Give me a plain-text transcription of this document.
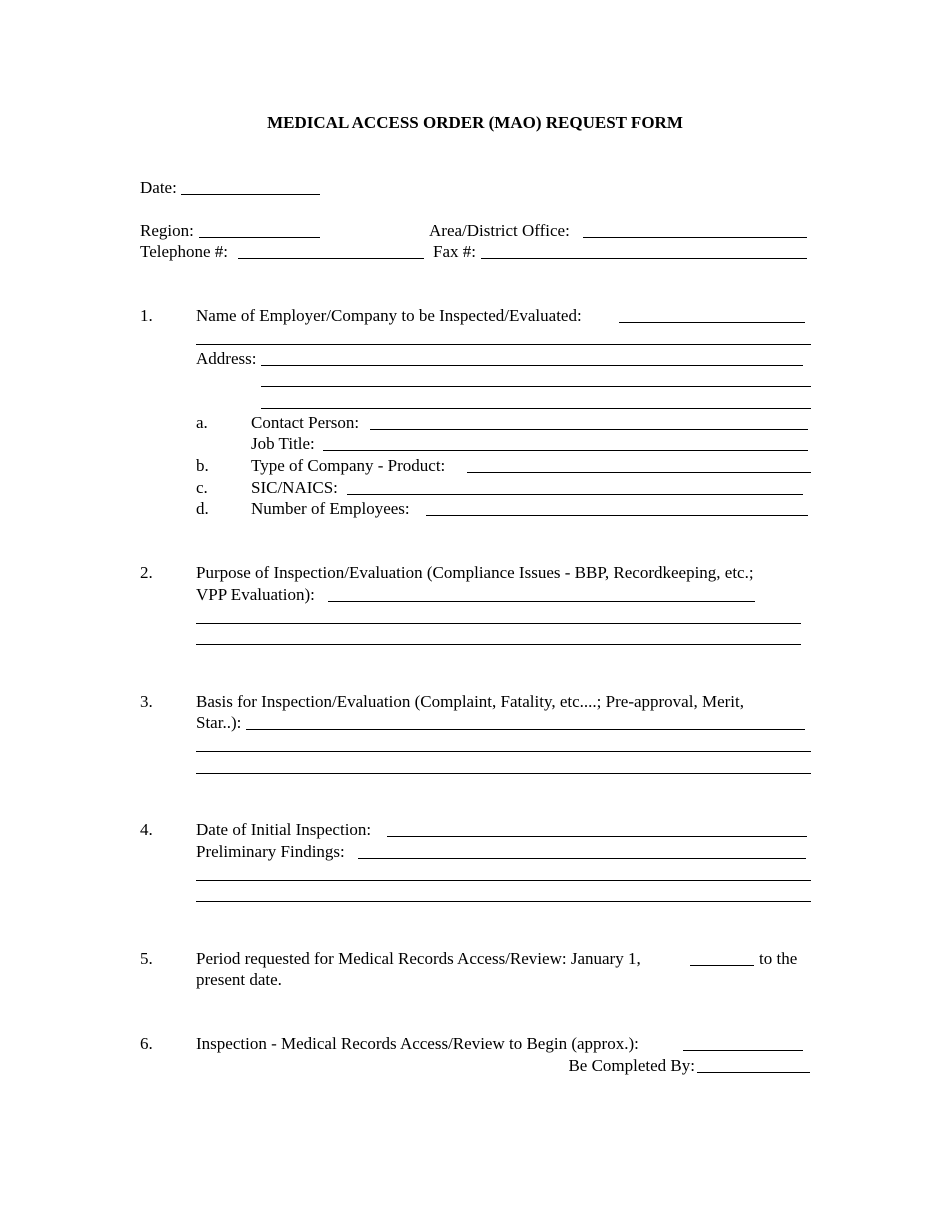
MEDICAL ACCESS ORDER (MAO) REQUEST FORM
Date:
Region:	Area/District Office:
Telephone #:	Fax #:
1.	Name of Employer/Company to be Inspected/Evaluated:
Address:
a.	Contact Person:
Job Title:
b. Type of Company - Product:
c.	SIC/NAICS:
d. Number of Employees:
2.	Purpose of Inspection/Evaluation (Compliance Issues - BBP, Recordkeeping, etc.;
VPP Evaluation):
3.	Basis for Inspection/Evaluation (Complaint, Fatality, etc....; Pre-approval, Merit,
Star..):
4.	Date of Initial Inspection:
Preliminary Findings:
5.	Period requested for Medical Records Access/Review: January 1,	to the
present date.
6.	Inspection - Medical Records Access/Review to Begin (approx.):
Be Completed By:
